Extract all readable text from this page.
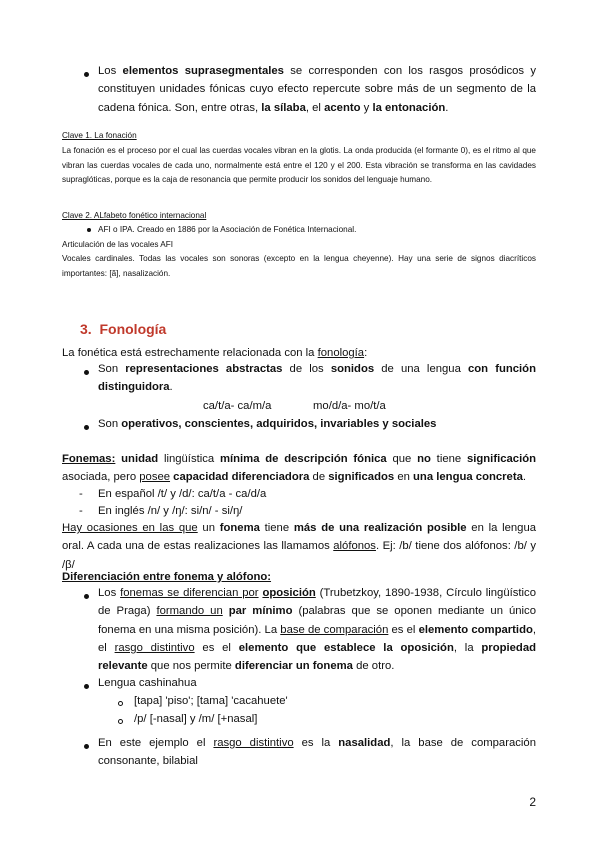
Los elementos suprasegmentales se corresponden con los rasgos prosódicos y constituyen unidades fónicas cuyo efecto repercute sobre más de un segmento de la cadena fónica. Son, entre otras, la sílaba, el acento y la entonación.
Clave 1. La fonación
La fonación es el proceso por el cual las cuerdas vocales vibran en la glotis. La onda producida (el formante 0), es el ritmo al que vibran las cuerdas vocales de cada uno, normalmente está entre el 120 y el 200. Esta vibración se transforma en las cavidades supraglóticas, porque es la caja de resonancia que permite producir los sonidos del lenguaje humano.
Clave 2. ALfabeto fonético internacional
AFI o IPA. Creado en 1886 por la Asociación de Fonética Internacional.
Articulación de las vocales AFI
Vocales cardinales. Todas las vocales son sonoras (excepto en la lengua cheyenne). Hay una serie de signos diacríticos importantes: [ã], nasalización.
3. Fonología
La fonética está estrechamente relacionada con la fonología:
Son representaciones abstractas de los sonidos de una lengua con función distinguidora.
ca/t/a- ca/m/a	mo/d/a- mo/t/a
Son operativos, conscientes, adquiridos, invariables y sociales
Fonemas: unidad lingüística mínima de descripción fónica que no tiene significación asociada, pero posee capacidad diferenciadora de significados en una lengua concreta.
- En español /t/ y /d/: ca/t/a - ca/d/a
- En inglés /n/ y /ŋ/: si/n/ - si/ŋ/
Hay ocasiones en las que un fonema tiene más de una realización posible en la lengua oral. A cada una de estas realizaciones las llamamos alófonos. Ej: /b/ tiene dos alófonos: /b/ y /β/
Diferenciación entre fonema y alófono:
Los fonemas se diferencian por oposición (Trubetzkoy, 1890-1938, Círculo lingüístico de Praga) formando un par mínimo (palabras que se oponen mediante un único fonema en una misma posición). La base de comparación es el elemento compartido, el rasgo distintivo es el elemento que establece la oposición, la propiedad relevante que nos permite diferenciar un fonema de otro.
Lengua cashinahua
[tapa] 'piso'; [tama] 'cacahuete'
/p/ [-nasal] y /m/ [+nasal]
En este ejemplo el rasgo distintivo es la nasalidad, la base de comparación consonante, bilabial
2
